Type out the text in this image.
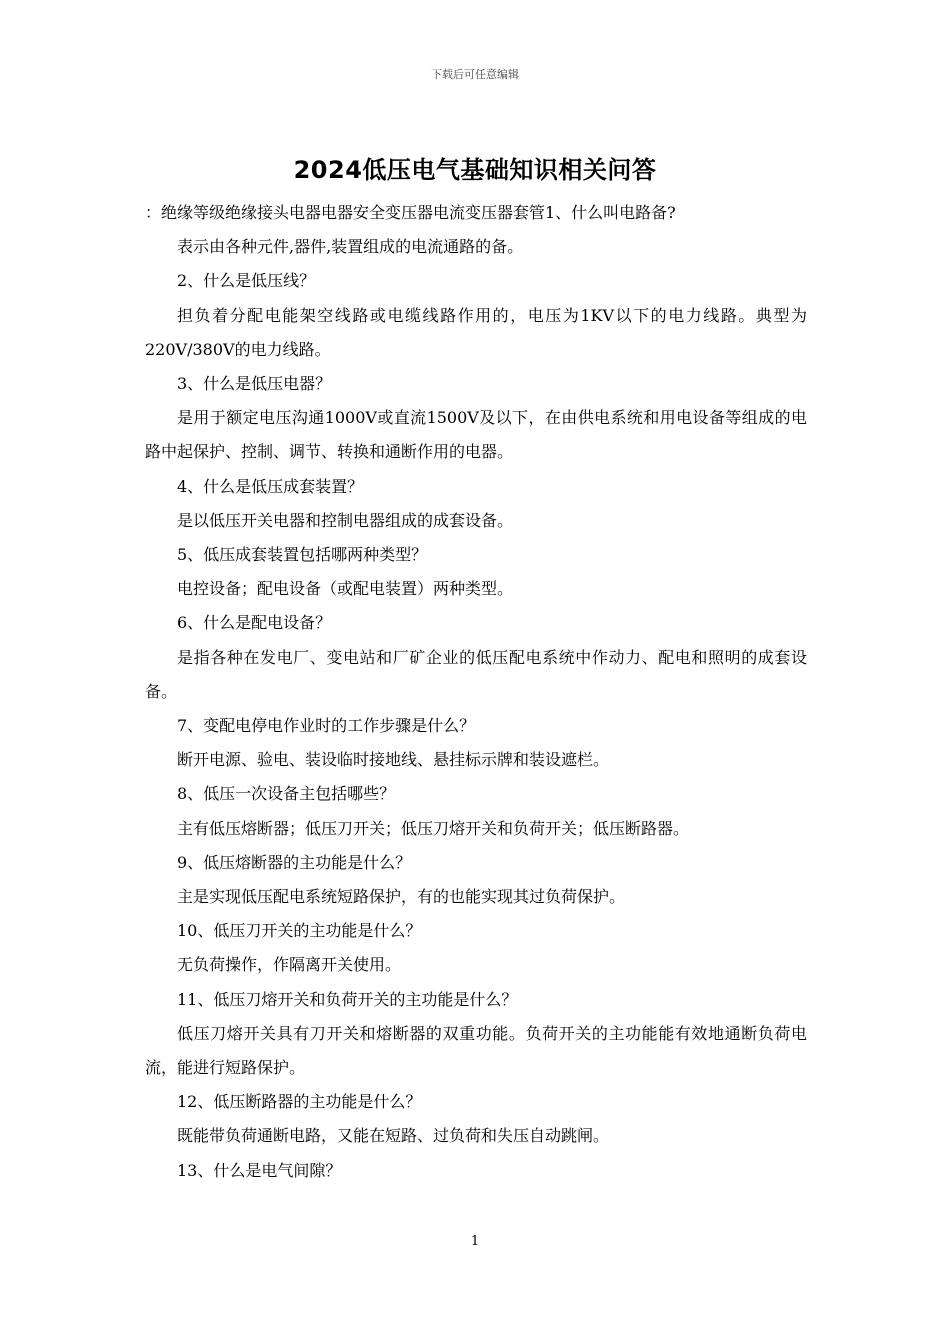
下载后可任意编辑
2024低压电气基础知识相关问答

：绝缘等级绝缘接头电器电器安全变压器电流变压器套管1、什么叫电路备?

表示由各种元件,器件,装置组成的电流通路的备。

2、什么是低压线？

担负着分配电能架空线路或电缆线路作用的，电压为1KV以下的电力线路。典型为220V/380V的电力线路。

3、什么是低压电器？

是用于额定电压沟通1000V或直流1500V及以下，在由供电系统和用电设备等组成的电路中起保护、控制、调节、转换和通断作用的电器。

4、什么是低压成套装置？

是以低压开关电器和控制电器组成的成套设备。

5、低压成套装置包括哪两种类型？

电控设备；配电设备（或配电装置）两种类型。

6、什么是配电设备？

是指各种在发电厂、变电站和厂矿企业的低压配电系统中作动力、配电和照明的成套设备。

7、变配电停电作业时的工作步骤是什么？

断开电源、验电、装设临时接地线、悬挂标示牌和装设遮栏。

8、低压一次设备主包括哪些？

主有低压熔断器；低压刀开关；低压刀熔开关和负荷开关；低压断路器。

9、低压熔断器的主功能是什么？

主是实现低压配电系统短路保护，有的也能实现其过负荷保护。

10、低压刀开关的主功能是什么？

无负荷操作，作隔离开关使用。

11、低压刀熔开关和负荷开关的主功能是什么？

低压刀熔开关具有刀开关和熔断器的双重功能。负荷开关的主功能能有效地通断负荷电流，能进行短路保护。

12、低压断路器的主功能是什么？

既能带负荷通断电路，又能在短路、过负荷和失压自动跳闸。

13、什么是电气间隙？

1
